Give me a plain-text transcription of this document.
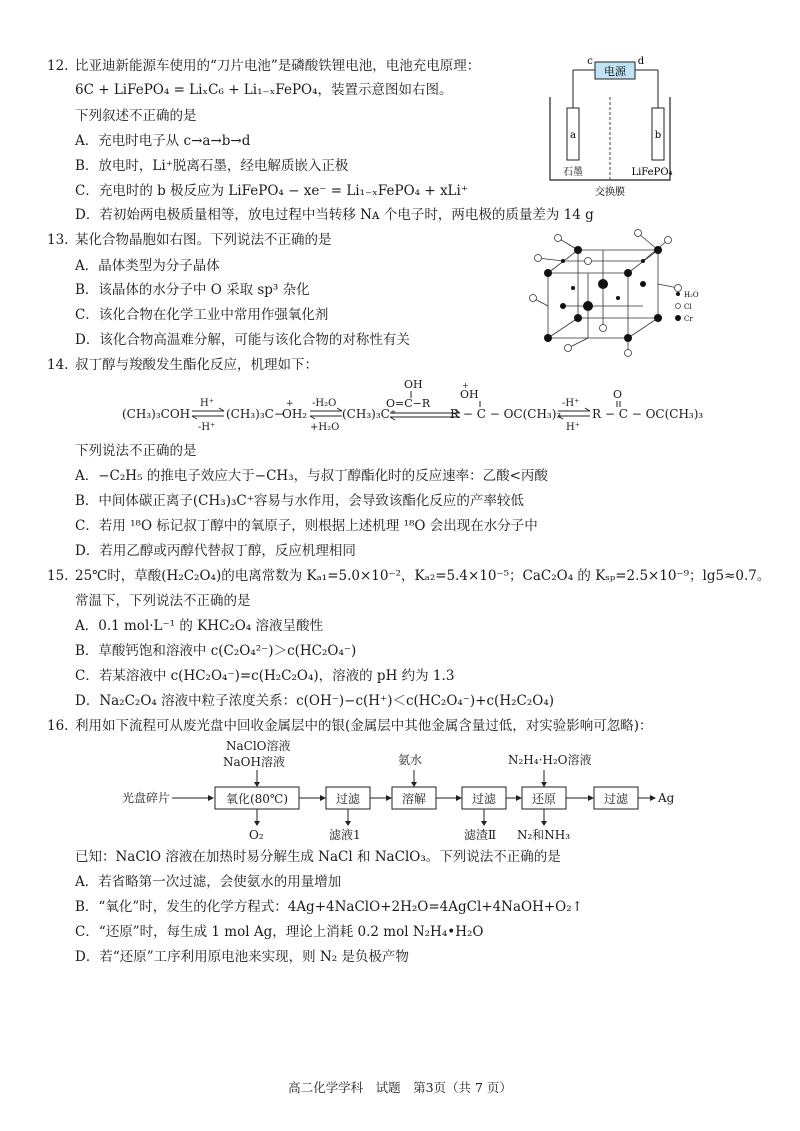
12. 比亚迪新能源车使用的“刀片电池”是磷酸铁锂电池，电池充电原理：
6C + LiFePO₄ = LiₓC₆ + Li₁₋ₓFePO₄，装置示意图如右图。
下列叙述不正确的是
A．充电时电子从 c→a→b→d
B．放电时，Li⁺脱离石墨，经电解质嵌入正极
C．充电时的 b 极反应为 LiFePO₄ − xe⁻ = Li₁₋ₓFePO₄ + xLi⁺
D．若初始两电极质量相等，放电过程中当转移 Nᴀ 个电子时，两电极的质量差为 14 g
电源
c	d
a	b
石墨	LiFePO₄
交换膜
13. 某化合物晶胞如右图。下列说法不正确的是
A．晶体类型为分子晶体
B．该晶体的水分子中 O 采取 sp³ 杂化
C．该化合物在化学工业中常用作强氧化剂
D．该化合物高温难分解，可能与该化合物的对称性有关
H₂O
Cl
Cr
14. 叔丁醇与羧酸发生酯化反应，机理如下：
(CH₃)₃COH
H⁺
-H⁺
(CH₃)₃C−
+
OH₂
-H₂O
+H₂O
(CH₃)₃C⁺
OH
O=C−R
+
OH
R − C − OC(CH₃)₃
-H⁺
H⁺
O
R − C − OC(CH₃)₃
下列说法不正确的是
A．−C₂H₅ 的推电子效应大于−CH₃，与叔丁醇酯化时的反应速率：乙酸<丙酸
B．中间体碳正离子(CH₃)₃C⁺容易与水作用，会导致该酯化反应的产率较低
C．若用 ¹⁸O 标记叔丁醇中的氧原子，则根据上述机理 ¹⁸O 会出现在水分子中
D．若用乙醇或丙醇代替叔丁醇，反应机理相同
15. 25℃时，草酸(H₂C₂O₄)的电离常数为 Kₐ₁=5.0×10⁻²，Kₐ₂=5.4×10⁻⁵；CaC₂O₄ 的 Kₛₚ=2.5×10⁻⁹；lg5≈0.7。
常温下，下列说法不正确的是
A．0.1 mol·L⁻¹ 的 KHC₂O₄ 溶液呈酸性
B．草酸钙饱和溶液中 c(C₂O₄²⁻)＞c(HC₂O₄⁻)
C．若某溶液中 c(HC₂O₄⁻)=c(H₂C₂O₄)，溶液的 pH 约为 1.3
D．Na₂C₂O₄ 溶液中粒子浓度关系：c(OH⁻)−c(H⁺)＜c(HC₂O₄⁻)+c(H₂C₂O₄)
16. 利用如下流程可从废光盘中回收金属层中的银(金属层中其他金属含量过低，对实验影响可忽略)：
光盘碎片
NaClO溶液
NaOH溶液
氧化(80℃)
O₂
过滤
滤液1
氨水
溶解	过滤
滤渣Ⅱ
N₂H₄·H₂O溶液
还原
N₂和NH₃
过滤 Ag
已知：NaClO 溶液在加热时易分解生成 NaCl 和 NaClO₃。下列说法不正确的是
A．若省略第一次过滤，会使氨水的用量增加
B．“氧化”时，发生的化学方程式：4Ag+4NaClO+2H₂O=4AgCl+4NaOH+O₂↑
C．“还原”时，每生成 1 mol Ag，理论上消耗 0.2 mol N₂H₄•H₂O
D．若“还原”工序利用原电池来实现，则 N₂ 是负极产物
高二化学学科　试题　第3页（共 7 页）
